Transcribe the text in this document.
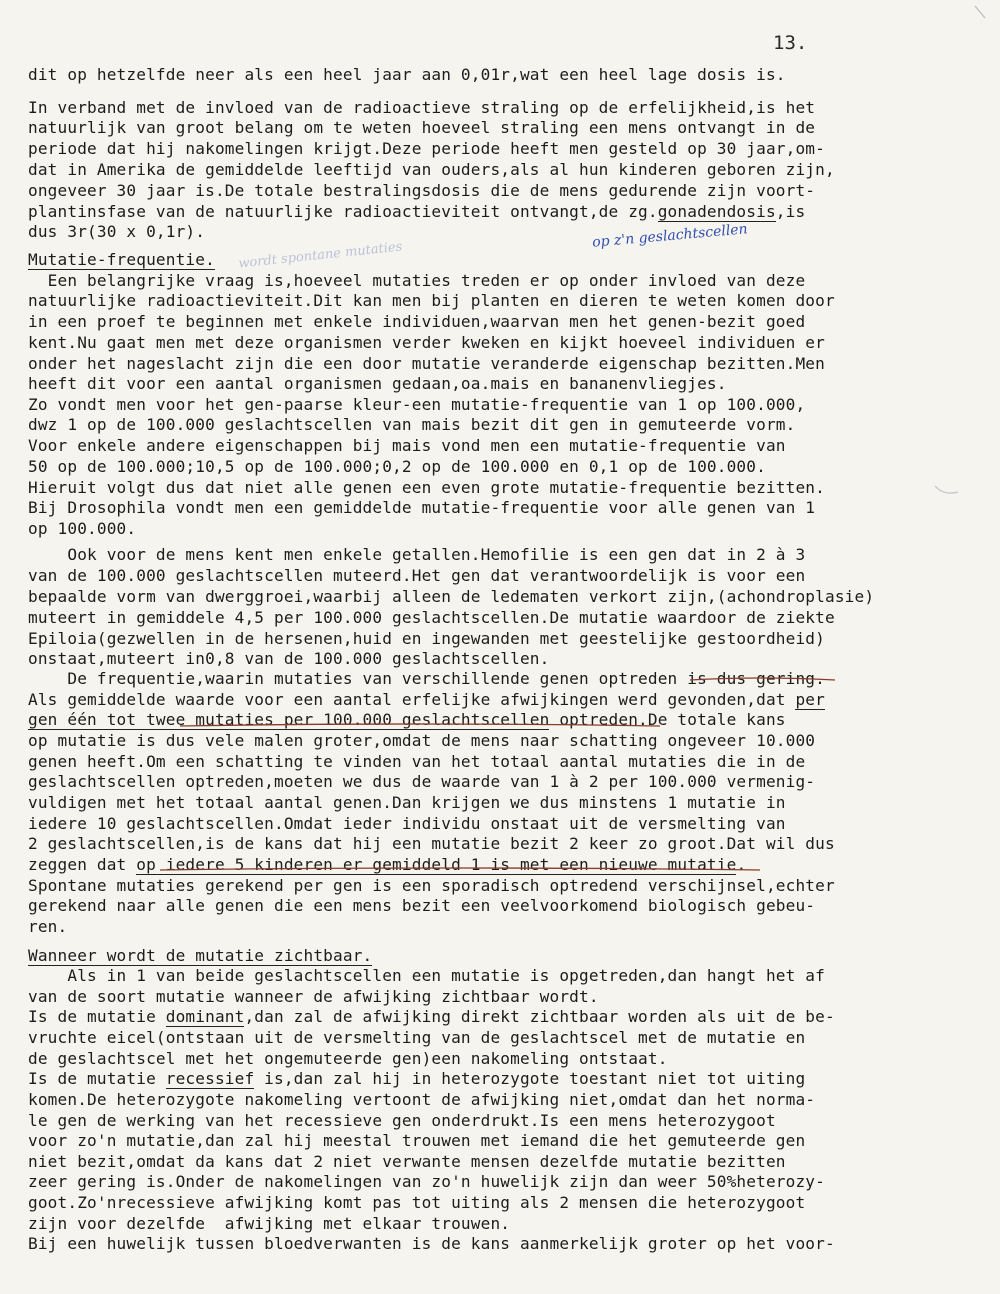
13.
dit op hetzelfde neer als een heel jaar aan 0,01r,wat een heel lage dosis is.
In verband met de invloed van de radioactieve straling op de erfelijkheid,is het
natuurlijk van groot belang om te weten hoeveel straling een mens ontvangt in de
periode dat hij nakomelingen krijgt.Deze periode heeft men gesteld op 30 jaar,om-
dat in Amerika de gemiddelde leeftijd van ouders,als al hun kinderen geboren zijn,
ongeveer 30 jaar is.De totale bestralingsdosis die de mens gedurende zijn voort-
plantinsfase van de natuurlijke radioactieviteit ontvangt,de zg.gonadendosis,is
dus 3r(30 x 0,1r).
Mutatie-frequentie.
Een belangrijke vraag is,hoeveel mutaties treden er op onder invloed van deze
natuurlijke radioactieviteit.Dit kan men bij planten en dieren te weten komen door
in een proef te beginnen met enkele individuen,waarvan men het genen-bezit goed
kent.Nu gaat men met deze organismen verder kweken en kijkt hoeveel individuen er
onder het nageslacht zijn die een door mutatie veranderde eigenschap bezitten.Men
heeft dit voor een aantal organismen gedaan,oa.mais en bananenvliegjes.
Zo vondt men voor het gen-paarse kleur-een mutatie-frequentie van 1 op 100.000,
dwz 1 op de 100.000 geslachtscellen van mais bezit dit gen in gemuteerde vorm.
Voor enkele andere eigenschappen bij mais vond men een mutatie-frequentie van
50 op de 100.000;10,5 op de 100.000;0,2 op de 100.000 en 0,1 op de 100.000.
Hieruit volgt dus dat niet alle genen een even grote mutatie-frequentie bezitten.
Bij Drosophila vondt men een gemiddelde mutatie-frequentie voor alle genen van 1
op 100.000.
Ook voor de mens kent men enkele getallen.Hemofilie is een gen dat in 2 à 3
van de 100.000 geslachtscellen muteerd.Het gen dat verantwoordelijk is voor een
bepaalde vorm van dwerggroei,waarbij alleen de ledematen verkort zijn,(achondroplasie)
muteert in gemiddele 4,5 per 100.000 geslachtscellen.De mutatie waardoor de ziekte
Epiloia(gezwellen in de hersenen,huid en ingewanden met geestelijke gestoordheid)
onstaat,muteert in0,8 van de 100.000 geslachtscellen.
De frequentie,waarin mutaties van verschillende genen optreden is dus gering.
Als gemiddelde waarde voor een aantal erfelijke afwijkingen werd gevonden,dat per
gen één tot twee mutaties per 100.000 geslachtscellen optreden.De totale kans
op mutatie is dus vele malen groter,omdat de mens naar schatting ongeveer 10.000
genen heeft.Om een schatting te vinden van het totaal aantal mutaties die in de
geslachtscellen optreden,moeten we dus de waarde van 1 à 2 per 100.000 vermenig-
vuldigen met het totaal aantal genen.Dan krijgen we dus minstens 1 mutatie in
iedere 10 geslachtscellen.Omdat ieder individu onstaat uit de versmelting van
2 geslachtscellen,is de kans dat hij een mutatie bezit 2 keer zo groot.Dat wil dus
zeggen dat op iedere 5 kinderen er gemiddeld 1 is met een nieuwe mutatie.
Spontane mutaties gerekend per gen is een sporadisch optredend verschijnsel,echter
gerekend naar alle genen die een mens bezit een veelvoorkomend biologisch gebeu-
ren.
Wanneer wordt de mutatie zichtbaar.
Als in 1 van beide geslachtscellen een mutatie is opgetreden,dan hangt het af
van de soort mutatie wanneer de afwijking zichtbaar wordt.
Is de mutatie dominant,dan zal de afwijking direkt zichtbaar worden als uit de be-
vruchte eicel(ontstaan uit de versmelting van de geslachtscel met de mutatie en
de geslachtscel met het ongemuteerde gen)een nakomeling ontstaat.
Is de mutatie recessief is,dan zal hij in heterozygote toestant niet tot uiting
komen.De heterozygote nakomeling vertoont de afwijking niet,omdat dan het norma-
le gen de werking van het recessieve gen onderdrukt.Is een mens heterozygoot
voor zo'n mutatie,dan zal hij meestal trouwen met iemand die het gemuteerde gen
niet bezit,omdat da kans dat 2 niet verwante mensen dezelfde mutatie bezitten
zeer gering is.Onder de nakomelingen van zo'n huwelijk zijn dan weer 50%heterozy-
goot.Zo'nrecessieve afwijking komt pas tot uiting als 2 mensen die heterozygoot
zijn voor dezelfde  afwijking met elkaar trouwen.
Bij een huwelijk tussen bloedverwanten is de kans aanmerkelijk groter op het voor-
op z'n geslachtscellen
wordt spontane mutaties
